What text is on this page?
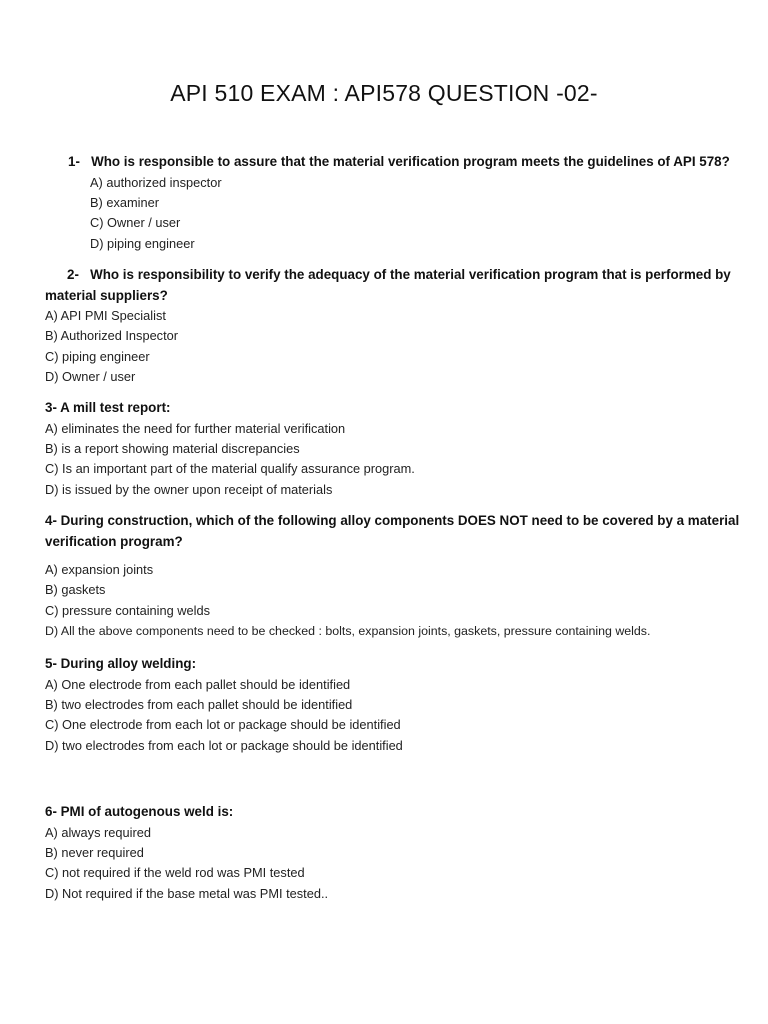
API 510 EXAM : API578 QUESTION -02-
1- Who is responsible to assure that the material verification program meets the guidelines of API 578?
A) authorized inspector
B) examiner
C) Owner / user
D) piping engineer
2- Who is responsibility to verify the adequacy of the material verification program that is performed by
material suppliers?
A) API PMI Specialist
B) Authorized Inspector
C) piping engineer
D) Owner / user
3- A mill test report:
A) eliminates the need for further material verification
B) is a report showing material discrepancies
C) Is an important part of the material qualify assurance program.
D) is issued by the owner upon receipt of materials
4- During construction, which of the following alloy components DOES NOT need to be covered by a material
verification program?
A) expansion joints
B) gaskets
C) pressure containing welds
D) All the above components need to be checked : bolts, expansion joints, gaskets, pressure containing welds.
5- During alloy welding:
A) One electrode from each pallet should be identified
B) two electrodes from each pallet should be identified
C) One electrode from each lot or package should be identified
D) two electrodes from each lot or package should be identified
6- PMI of autogenous weld is:
A) always required
B) never required
C) not required if the weld rod was PMI tested
D) Not required if the base metal was PMI tested..
